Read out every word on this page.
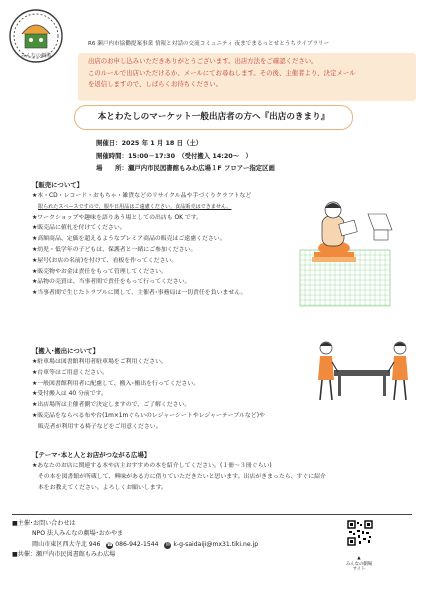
みんなの劇場
R6 瀬戸内市協働提案事業 情報と対話の交流コミュニティ 夜までまるっとせとうちライブラリー
出店のお申し込みいただきありがとうございます。出店方法をご確認ください。
このルールで出店いただけるか、メールにてお尋ねします。その後、主催者より、決定メール
を返信しますので、しばらくお待ちください。
本とわたしのマーケット一般出店者の方へ『出店のきまり』
開催日：2025 年 1 月 18 日（土）
開催時間：15:00－17:30　（受付搬入 14:20～　）
場　　所：瀬戸内市民図書館もみわ広場１F フロアー指定区画
【販売について】
★本・CD・レコード・おもちゃ・雑貨などのリサイクル品や手づくりクラフトなど
限られたスペースですので、服や日用品はご遠慮ください。食品販売はできません。
★ワークショップや趣味を語りあう場としての出店も OK です。
★販売品に値札を付けてください。
★高額商品、定価を超えるようなプレミア商品の販売はご遠慮ください。
★幼児・低学年の子どもは、保護者と一緒にご参加ください。
★屋号(お店の名前)を付けて、看板を作ってください。
★販売物やお金は責任をもって管理してください。
★品物の売買は、当事者間で責任をもって行ってください。
★当事者間で生じたトラブルに関して、主催者･事務局は一切責任を負いません。
【搬入･搬出について】
★駐車場は図書館利用者駐車場をご利用ください。
★台車等はご用意ください。
★一般図書館利用者に配慮して、搬入･搬出を行ってください。
★受付搬入は 40 分前です。
★出店場所は主催者側で決定しますので、ご了解ください。
★販売品をならべる布や台(1m×1mぐらいのレジャーシートやレジャーテーブルなど)や
　販売者が利用する椅子などをご用意ください。
【テーマ･本と人とお店がつながる広場】
★あなたのお店に関連する本や店主おすすめの本を紹介してください。(１冊～３冊ぐらい)
　その本を図書館が所蔵して、興味がある方に借りていただきたいと思います。出店がきまったら、すぐに紹介
　本をお教えてください。よろしくお願いします。
■主催･お問い合わせは
NPO 法人みんなの劇場･おかやま
岡山市東区西大寺北 946 ☎ 086-942-1544 ✉ k-g-saidaiji@mx31.tiki.ne.jp
■共催：瀬戸内市民図書館もみわ広場
▲
みんなの劇場
サイト
